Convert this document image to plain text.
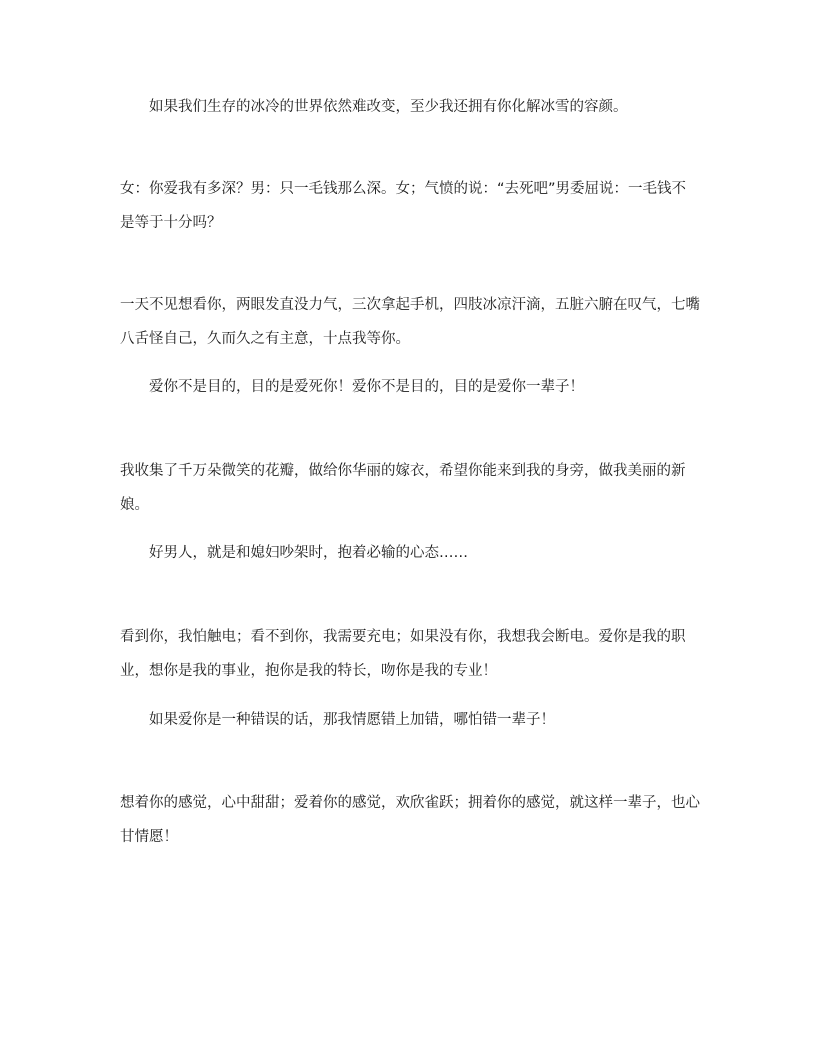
如果我们生存的冰冷的世界依然难改变，至少我还拥有你化解冰雪的容颜。

女：你爱我有多深？男：只一毛钱那么深。女；气愤的说：“去死吧”男委屈说：一毛钱不是等于十分吗？

一天不见想看你，两眼发直没力气，三次拿起手机，四肢冰凉汗滴，五脏六腑在叹气，七嘴八舌怪自己，久而久之有主意，十点我等你。

爱你不是目的，目的是爱死你！爱你不是目的，目的是爱你一辈子！

我收集了千万朵微笑的花瓣，做给你华丽的嫁衣，希望你能来到我的身旁，做我美丽的新娘。

好男人，就是和媳妇吵架时，抱着必输的心态……

看到你，我怕触电；看不到你，我需要充电；如果没有你，我想我会断电。爱你是我的职业，想你是我的事业，抱你是我的特长，吻你是我的专业！

如果爱你是一种错误的话，那我情愿错上加错，哪怕错一辈子！

想着你的感觉，心中甜甜；爱着你的感觉，欢欣雀跃；拥着你的感觉，就这样一辈子，也心甘情愿！
